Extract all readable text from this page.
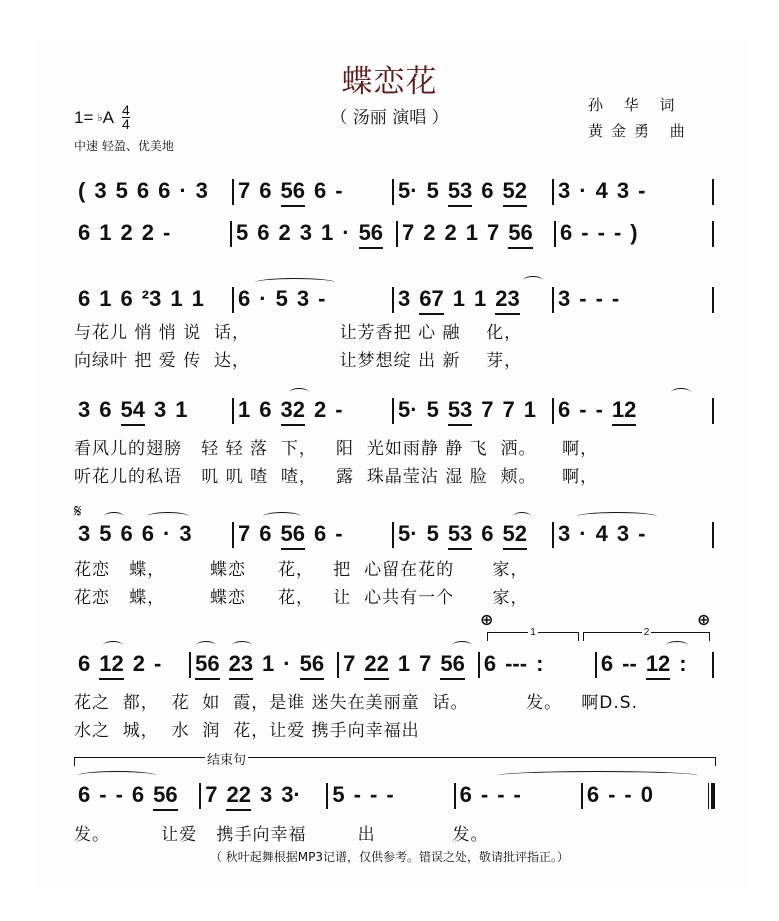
蝶恋花
（ 汤丽 演唱 ）
1= ♭ A $\frac{4}{4}$
中速 轻盈、优美地
孙 华 词
黄金勇 曲
( 3 5 6 6 · 3 7 6 56 6 -	5· 5 53 6 52 3 · 4 3 -
6 1 2 2 -	5 6 2 3 1 · 56 7 2 2 1 7 56 6 - - - )
6 1 6 ²3 1 1 6 · 5 3 -	3 67 1 1 23 3 - - -
3 6 54 3 1 1 6 32 2 -	5· 5 53 7 7 1 6 - - 12
3 5 6 6 · 3 7 6 56 6 -	5· 5 53 6 52 3 · 4 3 -
6 12 2 - 56 23 1 · 56 7 22 1 7 56 6 --- :	6 -- 12 :
6 - - 6 56 7 22 3 3· 5 - - -	6 - - -	6 - - 0
与花儿 悄 悄 说  话，              让芳香把 心 融    化，
向绿叶 把 爱 传  达，              让梦想绽 出 新    芽，
看风儿的翅膀   轻 轻 落  下，   阳  光如雨静 静 飞  洒。    啊，
听花儿的私语   叽 叽 喳  喳，   露  珠晶莹沾 湿 脸  颊。    啊，
花恋   蝶，       蝶恋     花，   把  心留在花的      家，
花恋   蝶，       蝶恋     花，   让  心共有一个      家，
花之  都，  花  如  霞，是谁 迷失在美丽童  话。         发。   啊D.S.
水之  城，  水  润  花，让爱 携手向幸福出
发。        让爱   携手向幸福        出            发。
𝄋
⊕	⊕
1	2
结束句
（ 秋叶起舞根据MP3记谱，仅供参考。错误之处，敬请批评指正。）
